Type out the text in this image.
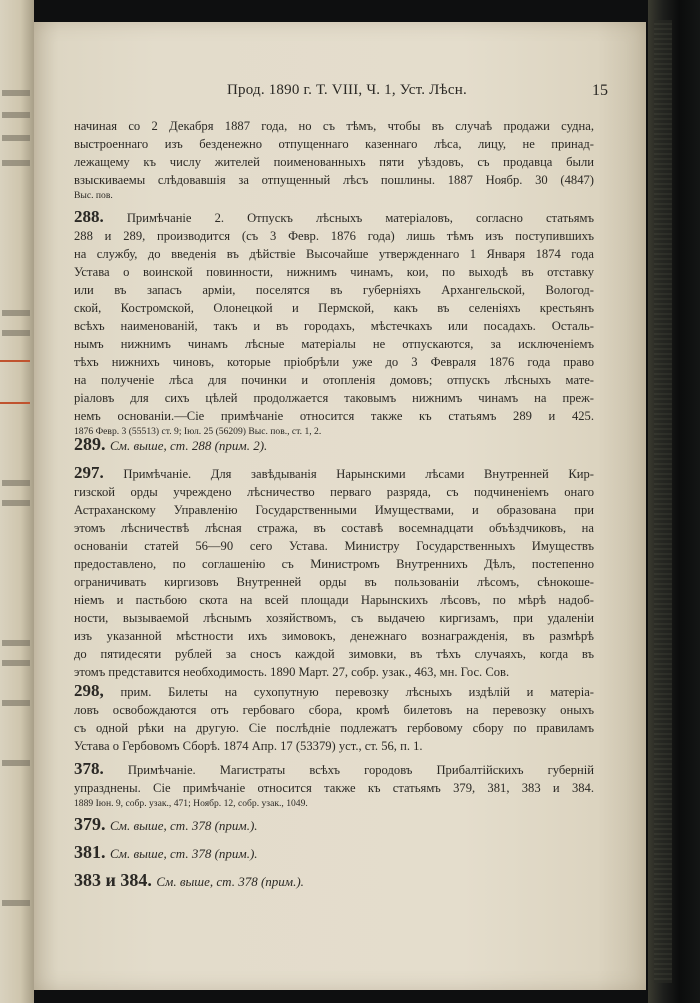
Прод. 1890 г. Т. VIII, Ч. 1, Уст. Лѣсн.	15
начиная со 2 Декабря 1887 года, но съ тѣмъ, чтобы въ случаѣ продажи судна,
выстроеннаго изъ безденежно отпущеннаго казеннаго лѣса, лицу, не принад-
лежащему къ числу жителей поименованныхъ пяти уѣздовъ, съ продавца были
взыскиваемы слѣдовавшія за отпущенный лѣсъ пошлины. 1887 Ноябр. 30 (4847)
Выс. пов.
288. Примѣчаніе 2. Отпускъ лѣсныхъ матеріаловъ, согласно статьямъ
288 и 289, производится (съ 3 Февр. 1876 года) лишь тѣмъ изъ поступившихъ
на службу, до введенія въ дѣйствіе Высочайше утвержденнаго 1 Января 1874 года
Устава о воинской повинности, нижнимъ чинамъ, кои, по выходѣ въ отставку
или въ запасъ арміи, поселятся въ губерніяхъ Архангельской, Вологод-
ской, Костромской, Олонецкой и Пермской, какъ въ селеніяхъ крестьянъ
всѣхъ наименованій, такъ и въ городахъ, мѣстечкахъ или посадахъ. Осталь-
нымъ нижнимъ чинамъ лѣсные матеріалы не отпускаются, за исключеніемъ
тѣхъ нижнихъ чиновъ, которые пріобрѣли уже до 3 Февраля 1876 года право
на полученіе лѣса для починки и отопленія домовъ; отпускъ лѣсныхъ мате-
ріаловъ для сихъ цѣлей продолжается таковымъ нижнимъ чинамъ на преж-
немъ основаніи.—Сіе примѣчаніе относится также къ статьямъ 289 и 425.
1876 Февр. 3 (55513) ст. 9; Іюл. 25 (56209) Выс. пов., ст. 1, 2.
289. См. выше, ст. 288 (прим. 2).
297. Примѣчаніе. Для завѣдыванія Нарынскими лѣсами Внутренней Кир-
гизской орды учреждено лѣсничество перваго разряда, съ подчиненіемъ онаго
Астраханскому Управленію Государственными Имуществами, и образована при
этомъ лѣсничествѣ лѣсная стража, въ составѣ восемнадцати объѣздчиковъ, на
основаніи статей 56—90 сего Устава. Министру Государственныхъ Имуществъ
предоставлено, по соглашенію съ Министромъ Внутреннихъ Дѣлъ, постепенно
ограничивать киргизовъ Внутренней орды въ пользованіи лѣсомъ, сѣнокоше-
ніемъ и пастьбою скота на всей площади Нарынскихъ лѣсовъ, по мѣрѣ надоб-
ности, вызываемой лѣснымъ хозяйствомъ, съ выдачею киргизамъ, при удаленіи
изъ указанной мѣстности ихъ зимовокъ, денежнаго вознагражденія, въ размѣрѣ
до пятидесяти рублей за сносъ каждой зимовки, въ тѣхъ случаяхъ, когда въ
этомъ представится необходимость. 1890 Март. 27, собр. узак., 463, мн. Гос. Сов.
298, прим. Билеты на сухопутную перевозку лѣсныхъ издѣлій и матеріа-
ловъ освобождаются отъ гербоваго сбора, кромѣ билетовъ на перевозку оныхъ
съ одной рѣки на другую. Сіе послѣдніе подлежатъ гербовому сбору по правиламъ
Устава о Гербовомъ Сборѣ. 1874 Апр. 17 (53379) уст., ст. 56, п. 1.
378. Примѣчаніе. Магистраты всѣхъ городовъ Прибалтійскихъ губерній
упразднены. Сіе примѣчаніе относится также къ статьямъ 379, 381, 383 и 384.
1889 Іюн. 9, собр. узак., 471; Ноябр. 12, собр. узак., 1049.
379. См. выше, ст. 378 (прим.).
381. См. выше, ст. 378 (прим.).
383 и 384. См. выше, ст. 378 (прим.).
